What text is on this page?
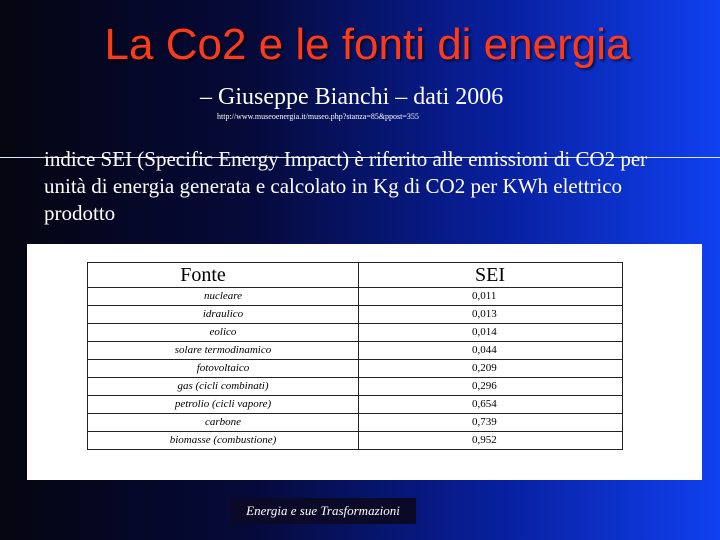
La Co2 e le fonti di energia
– Giuseppe Bianchi – dati 2006
http://www.museoenergia.it/museo.php?stanza=85&ppost=355
indice SEI (Specific Energy Impact) è riferito alle emissioni di CO2 per unità di energia generata e calcolato in Kg di CO2 per KWh elettrico prodotto
Fonte	SEI
nucleare	0,011
idraulico	0,013
eolico	0,014
solare termodinamico	0,044
fotovoltaico	0,209
gas (cicli combinati)	0,296
petrolio (cicli vapore)	0,654
carbone	0,739
biomasse (combustione)	0,952
Energia e sue Trasformazioni
